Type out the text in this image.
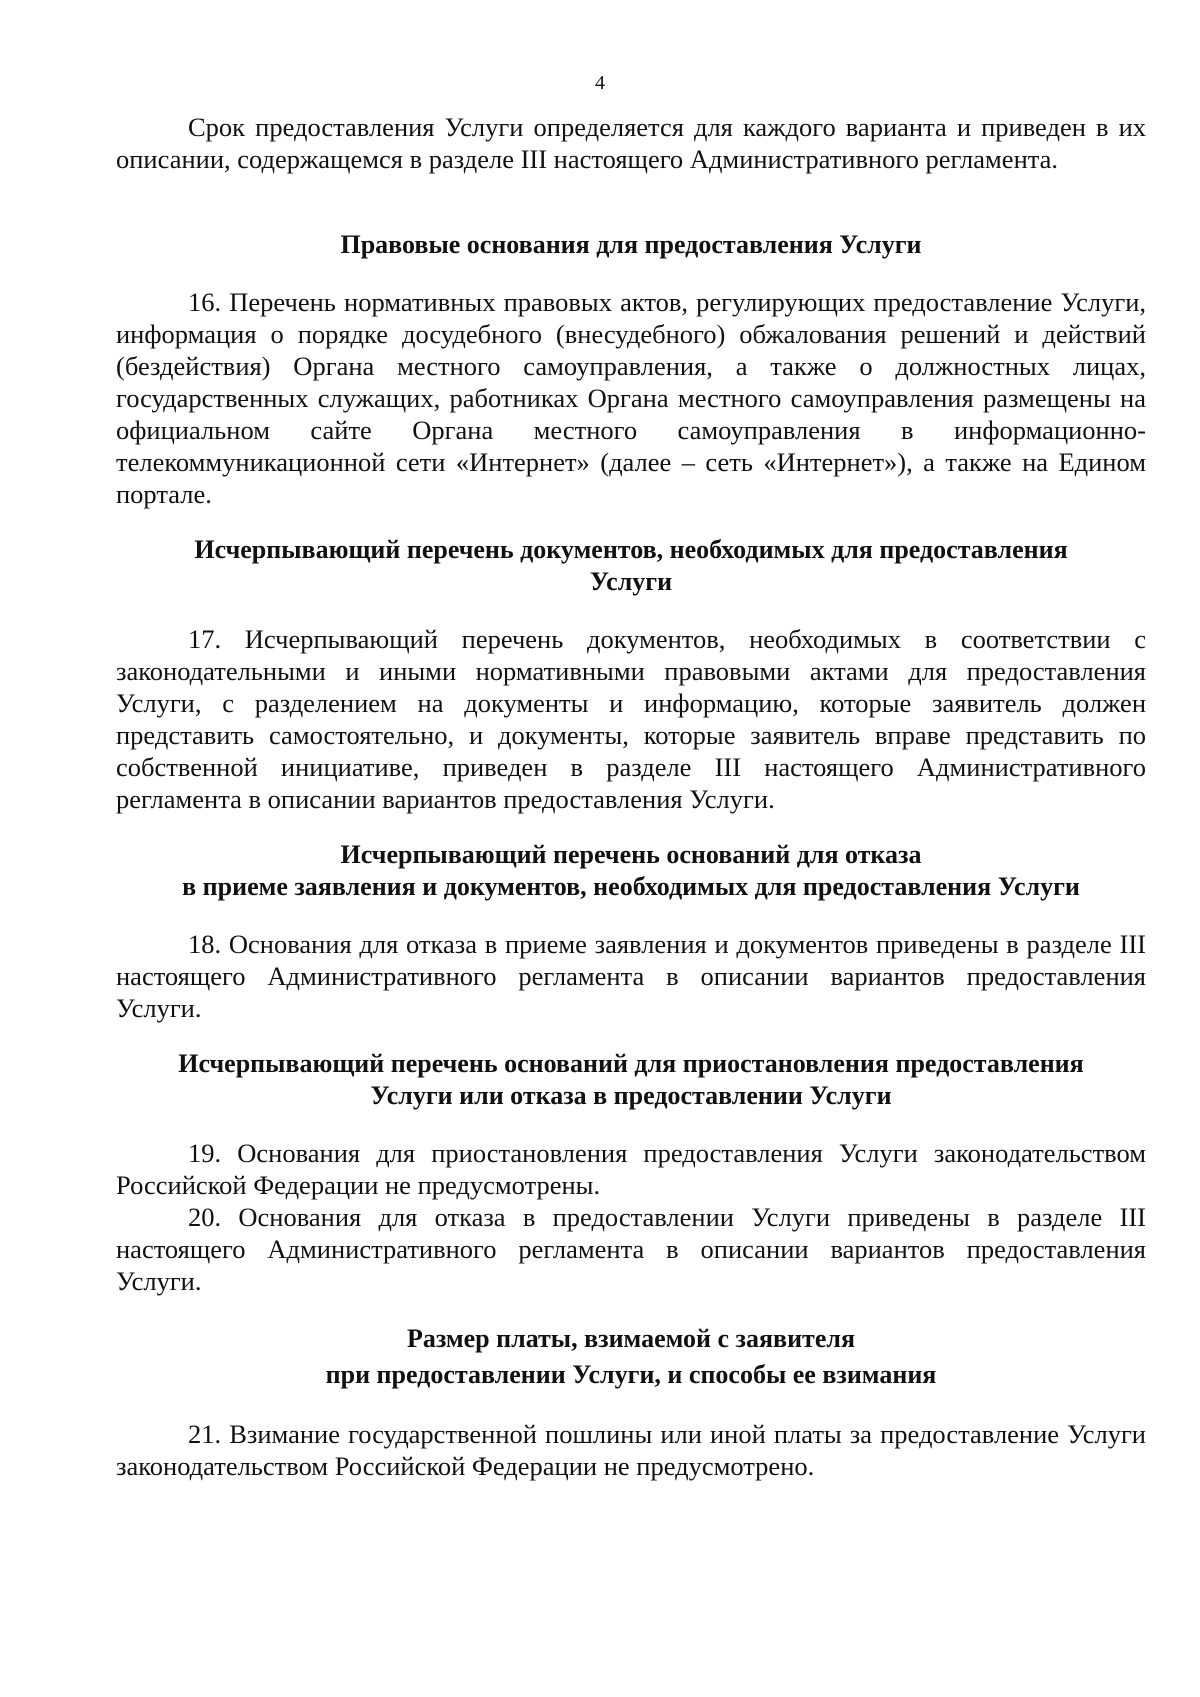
4

Срок предоставления Услуги определяется для каждого варианта и приведен в их описании, содержащемся в разделе III настоящего Административного регламента.

Правовые основания для предоставления Услуги

16. Перечень нормативных правовых актов, регулирующих предоставление Услуги, информация о порядке досудебного (внесудебного) обжалования решений и действий (бездействия) Органа местного самоуправления, а также о должностных лицах, государственных служащих, работниках Органа местного самоуправления размещены на официальном сайте Органа местного самоуправления в информационно-телекоммуникационной сети «Интернет» (далее – сеть «Интернет»), а также на Едином портале.

Исчерпывающий перечень документов, необходимых для предоставления
Услуги

17. Исчерпывающий перечень документов, необходимых в соответствии с законодательными и иными нормативными правовыми актами для предоставления Услуги, с разделением на документы и информацию, которые заявитель должен представить самостоятельно, и документы, которые заявитель вправе представить по собственной инициативе, приведен в разделе III настоящего Административного регламента в описании вариантов предоставления Услуги.

Исчерпывающий перечень оснований для отказа
в приеме заявления и документов, необходимых для предоставления Услуги

18. Основания для отказа в приеме заявления и документов приведены в разделе III настоящего Административного регламента в описании вариантов предоставления Услуги.

Исчерпывающий перечень оснований для приостановления предоставления
Услуги или отказа в предоставлении Услуги

19. Основания для приостановления предоставления Услуги законодательством Российской Федерации не предусмотрены.

20. Основания для отказа в предоставлении Услуги приведены в разделе III настоящего Административного регламента в описании вариантов предоставления Услуги.

Размер платы, взимаемой с заявителя
при предоставлении Услуги, и способы ее взимания

21. Взимание государственной пошлины или иной платы за предоставление Услуги законодательством Российской Федерации не предусмотрено.
